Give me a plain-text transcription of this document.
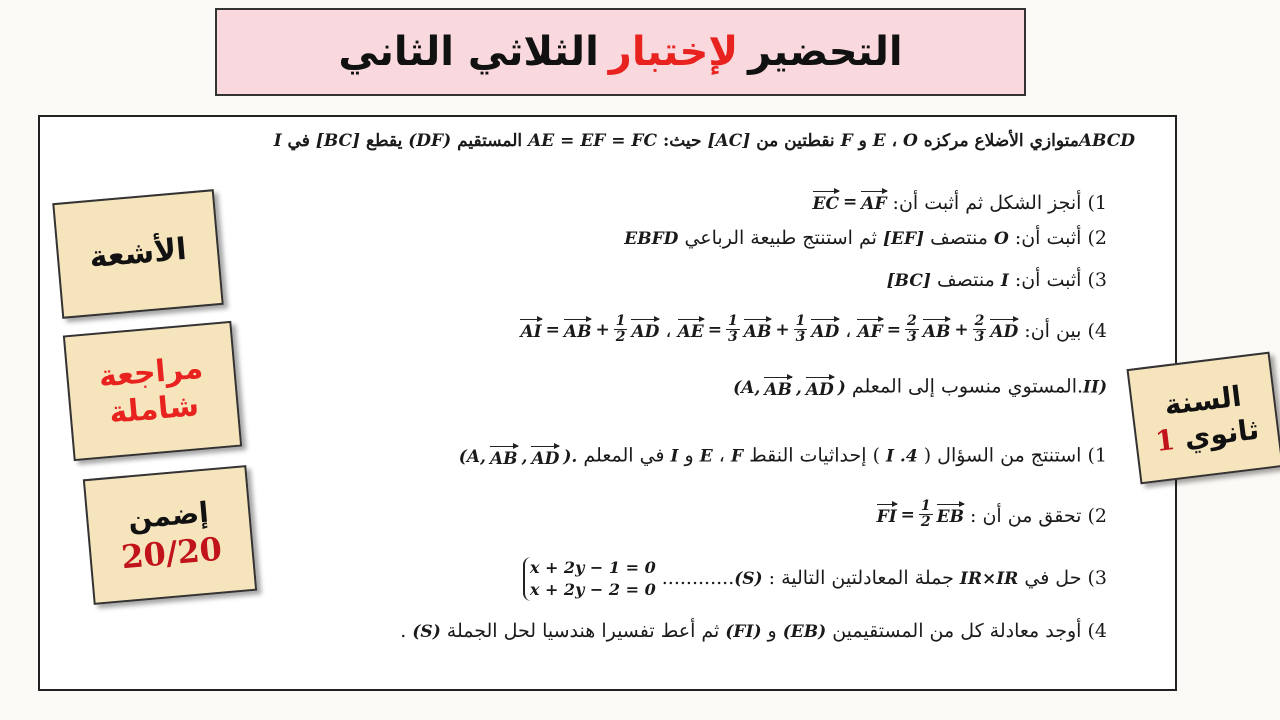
التحضير
لإختبار
الثلاثي الثاني
ABCDمتوازي الأضلاع مركزه O ، E و F نقطتين من [AC] حيث: AE = EF = FC المستقيم (DF) يقطع [BC] في I
1) أنجز الشكل ثم أثبت أن:
EC = AF
2) أثبت أن: O منتصف [EF] ثم استنتج طبيعة الرباعي EBFD
3) أثبت أن: I منتصف [BC]
4) بين أن:
AF = $\frac{2}{3}$ AB + $\frac{2}{3}$ AD
،
AE = $\frac{1}{3}$ AB + $\frac{1}{3}$ AD
،
AI = AB + $\frac{1}{2}$ AD
II).المستوي منسوب إلى المعلم
(A, AB , AD )
1) استنتج من السؤال ( I .4 ) إحداثيات النقط F ، E و I في المعلم
(A, AB , AD ).
2) تحقق من أن :
FI = $\frac{1}{2}$ EB
3) حل في IR×IR جملة المعادلتين التالية : (S)............
x + 2y − 1 = 0
x + 2y − 2 = 0
4) أوجد معادلة كل من المستقيمين (EB) و (FI) ثم أعط تفسيرا هندسيا لحل الجملة (S) .
الأشعة
مراجعة
شاملة
إضمن
20/20
السنة
ثانوي 1
